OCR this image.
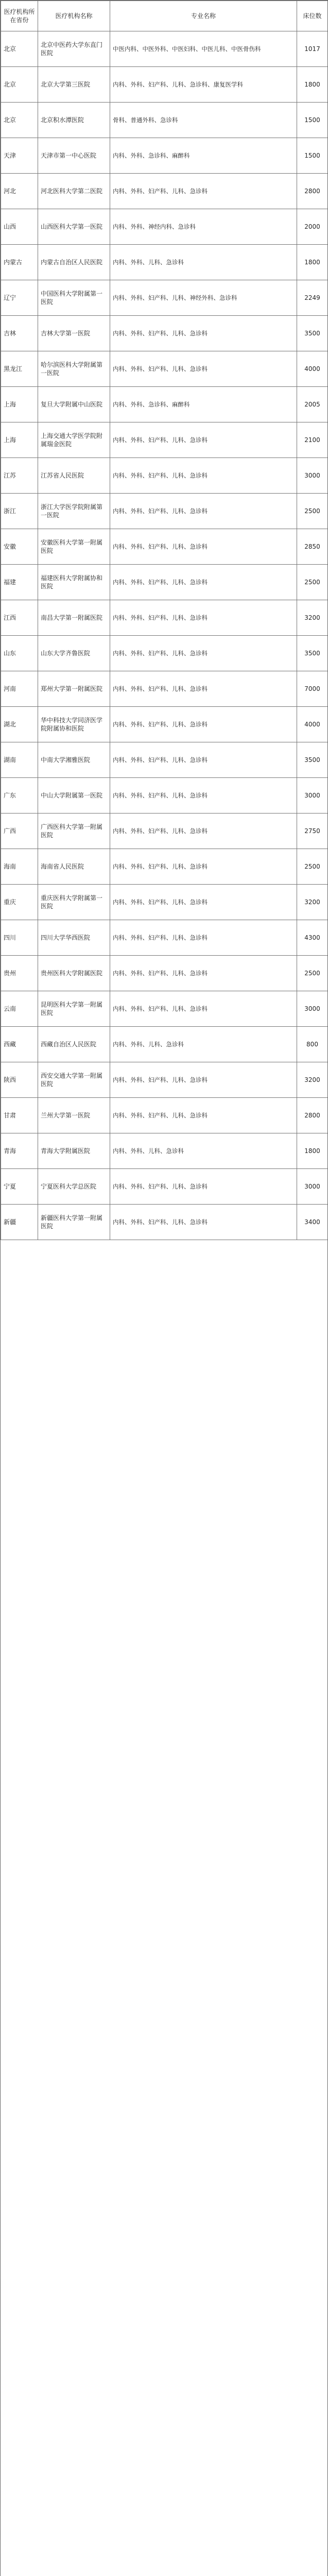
医疗机构所在省份	医疗机构名称	专业名称	床位数
北京	北京中医药大学东直门医院	中医内科、中医外科、中医妇科、中医儿科、中医骨伤科	1017
北京	北京大学第三医院	内科、外科、妇产科、儿科、急诊科、康复医学科	1800
北京	北京积水潭医院	骨科、普通外科、急诊科	1500
天津	天津市第一中心医院	内科、外科、急诊科、麻醉科	1500
河北	河北医科大学第二医院	内科、外科、妇产科、儿科、急诊科	2800
山西	山西医科大学第一医院	内科、外科、神经内科、急诊科	2000
内蒙古	内蒙古自治区人民医院	内科、外科、儿科、急诊科	1800
辽宁	中国医科大学附属第一医院	内科、外科、妇产科、儿科、神经外科、急诊科	2249
吉林	吉林大学第一医院	内科、外科、妇产科、儿科、急诊科	3500
黑龙江	哈尔滨医科大学附属第一医院	内科、外科、妇产科、儿科、急诊科	4000
上海	复旦大学附属中山医院	内科、外科、急诊科、麻醉科	2005
上海	上海交通大学医学院附属瑞金医院	内科、外科、妇产科、儿科、急诊科	2100
江苏	江苏省人民医院	内科、外科、妇产科、儿科、急诊科	3000
浙江	浙江大学医学院附属第一医院	内科、外科、妇产科、儿科、急诊科	2500
安徽	安徽医科大学第一附属医院	内科、外科、妇产科、儿科、急诊科	2850
福建	福建医科大学附属协和医院	内科、外科、妇产科、儿科、急诊科	2500
江西	南昌大学第一附属医院	内科、外科、妇产科、儿科、急诊科	3200
山东	山东大学齐鲁医院	内科、外科、妇产科、儿科、急诊科	3500
河南	郑州大学第一附属医院	内科、外科、妇产科、儿科、急诊科	7000
湖北	华中科技大学同济医学院附属协和医院	内科、外科、妇产科、儿科、急诊科	4000
湖南	中南大学湘雅医院	内科、外科、妇产科、儿科、急诊科	3500
广东	中山大学附属第一医院	内科、外科、妇产科、儿科、急诊科	3000
广西	广西医科大学第一附属医院	内科、外科、妇产科、儿科、急诊科	2750
海南	海南省人民医院	内科、外科、妇产科、儿科、急诊科	2500
重庆	重庆医科大学附属第一医院	内科、外科、妇产科、儿科、急诊科	3200
四川	四川大学华西医院	内科、外科、妇产科、儿科、急诊科	4300
贵州	贵州医科大学附属医院	内科、外科、妇产科、儿科、急诊科	2500
云南	昆明医科大学第一附属医院	内科、外科、妇产科、儿科、急诊科	3000
西藏	西藏自治区人民医院	内科、外科、儿科、急诊科	800
陕西	西安交通大学第一附属医院	内科、外科、妇产科、儿科、急诊科	3200
甘肃	兰州大学第一医院	内科、外科、妇产科、儿科、急诊科	2800
青海	青海大学附属医院	内科、外科、儿科、急诊科	1800
宁夏	宁夏医科大学总医院	内科、外科、妇产科、儿科、急诊科	3000
新疆	新疆医科大学第一附属医院	内科、外科、妇产科、儿科、急诊科	3400
